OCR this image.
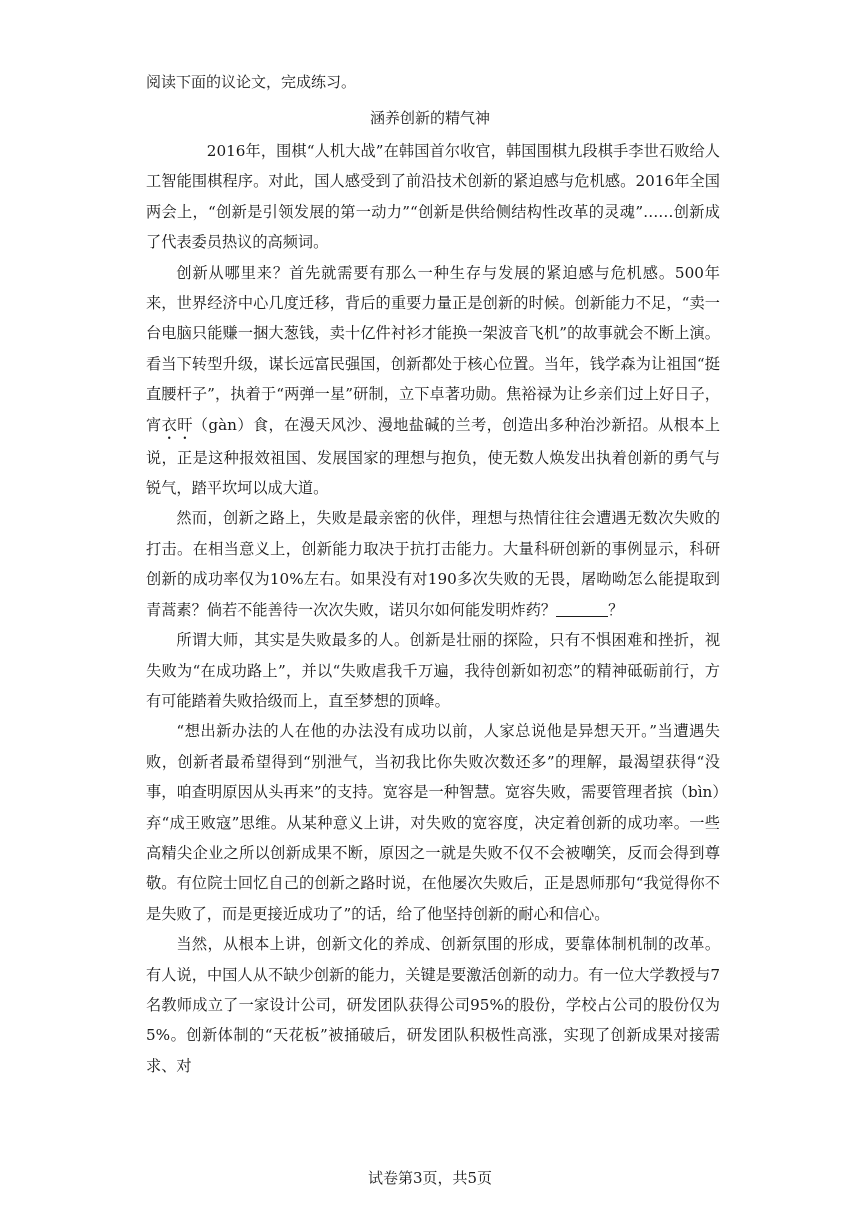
阅读下面的议论文，完成练习。
涵养创新的精气神

2016年，围棋“人机大战”在韩国首尔收官，韩国围棋九段棋手李世石败给人工智能围棋程序。对此，国人感受到了前沿技术创新的紧迫感与危机感。2016年全国两会上，“创新是引领发展的第一动力”“创新是供给侧结构性改革的灵魂”……创新成了代表委员热议的高频词。

创新从哪里来？首先就需要有那么一种生存与发展的紧迫感与危机感。500年来，世界经济中心几度迁移，背后的重要力量正是创新的时候。创新能力不足，“卖一台电脑只能赚一捆大葱钱，卖十亿件衬衫才能换一架波音飞机”的故事就会不断上演。看当下转型升级，谋长远富民强国，创新都处于核心位置。当年，钱学森为让祖国“挺直腰杆子”，执着于“两弹一星”研制，立下卓著功勋。焦裕禄为让乡亲们过上好日子，宵衣旰（gàn）食，在漫天风沙、漫地盐碱的兰考，创造出多种治沙新招。从根本上说，正是这种报效祖国、发展国家的理想与抱负，使无数人焕发出执着创新的勇气与锐气，踏平坎坷以成大道。

然而，创新之路上，失败是最亲密的伙伴，理想与热情往往会遭遇无数次失败的打击。在相当意义上，创新能力取决于抗打击能力。大量科研创新的事例显示，科研创新的成功率仅为10%左右。如果没有对190多次失败的无畏，屠呦呦怎么能提取到青蒿素？倘若不能善待一次次失败，诺贝尔如何能发明炸药？	？

所谓大师，其实是失败最多的人。创新是壮丽的探险，只有不惧困难和挫折，视失败为“在成功路上”，并以“失败虐我千万遍，我待创新如初恋”的精神砥砺前行，方有可能踏着失败拾级而上，直至梦想的顶峰。

“想出新办法的人在他的办法没有成功以前，人家总说他是异想天开。”当遭遇失败，创新者最希望得到“别泄气，当初我比你失败次数还多”的理解，最渴望获得“没事，咱查明原因从头再来”的支持。宽容是一种智慧。宽容失败，需要管理者摈（bìn）弃“成王败寇”思维。从某种意义上讲，对失败的宽容度，决定着创新的成功率。一些高精尖企业之所以创新成果不断，原因之一就是失败不仅不会被嘲笑，反而会得到尊敬。有位院士回忆自己的创新之路时说，在他屡次失败后，正是恩师那句“我觉得你不是失败了，而是更接近成功了”的话，给了他坚持创新的耐心和信心。

当然，从根本上讲，创新文化的养成、创新氛围的形成，要靠体制机制的改革。有人说，中国人从不缺少创新的能力，关键是要激活创新的动力。有一位大学教授与7名教师成立了一家设计公司，研发团队获得公司95%的股份，学校占公司的股份仅为5%。创新体制的“天花板”被捅破后，研发团队积极性高涨，实现了创新成果对接需求、对

试卷第3页，共5页
